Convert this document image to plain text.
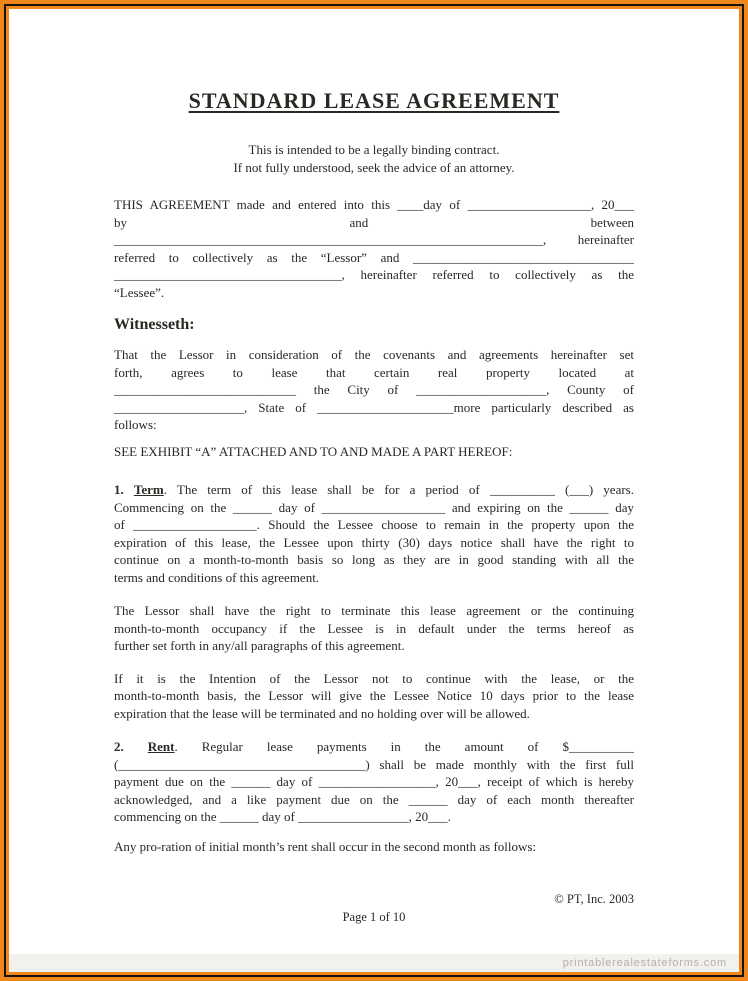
STANDARD LEASE AGREEMENT
This is intended to be a legally binding contract.
If not fully understood, seek the advice of an attorney.
THIS AGREEMENT made and entered into this ____day of ___________________, 20___
by and between
__________________________________________________________________, hereinafter
referred to collectively as the “Lessor” and __________________________________
___________________________________, hereinafter referred to collectively as the
“Lessee”.
Witnesseth:
That the Lessor in consideration of the covenants and agreements hereinafter set
forth, agrees to lease that certain real property located at
____________________________ the City of ____________________, County of
____________________, State of _____________________more particularly described as
follows:
SEE EXHIBIT “A” ATTACHED AND TO AND MADE A PART HEREOF:
1. Term. The term of this lease shall be for a period of __________ (___) years.
Commencing on the ______ day of ___________________ and expiring on the ______ day
of ___________________. Should the Lessee choose to remain in the property upon the
expiration of this lease, the Lessee upon thirty (30) days notice shall have the right to
continue on a month-to-month basis so long as they are in good standing with all the
terms and conditions of this agreement.
The Lessor shall have the right to terminate this lease agreement or the continuing
month-to-month occupancy if the Lessee is in default under the terms hereof as
further set forth in any/all paragraphs of this agreement.
If it is the Intention of the Lessor not to continue with the lease, or the
month-to-month basis, the Lessor will give the Lessee Notice 10 days prior to the lease
expiration that the lease will be terminated and no holding over will be allowed.
2. Rent. Regular lease payments in the amount of $__________
(______________________________________) shall be made monthly with the first full
payment due on the ______ day of __________________, 20___, receipt of which is hereby
acknowledged, and a like payment due on the ______ day of each month thereafter
commencing on the ______ day of _________________, 20___.
Any pro-ration of initial month’s rent shall occur in the second month as follows:
© PT, Inc. 2003
Page 1 of 10
printablerealestateforms.com
